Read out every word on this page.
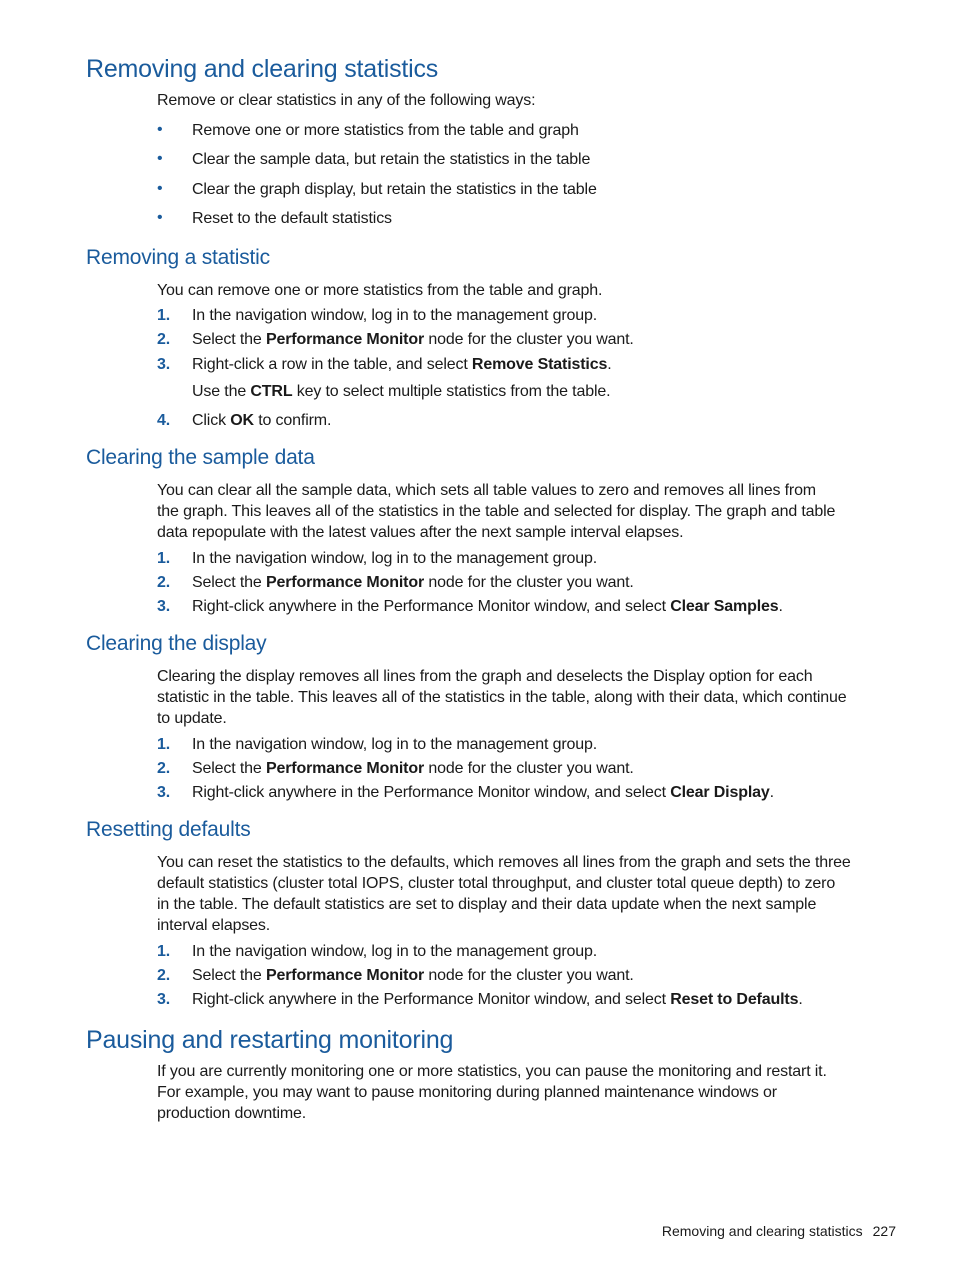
Removing and clearing statistics
Remove or clear statistics in any of the following ways:
• Remove one or more statistics from the table and graph
• Clear the sample data, but retain the statistics in the table
• Clear the graph display, but retain the statistics in the table
• Reset to the default statistics
Removing a statistic
You can remove one or more statistics from the table and graph.
1. In the navigation window, log in to the management group.
2. Select the Performance Monitor node for the cluster you want.
3. Right-click a row in the table, and select Remove Statistics.
Use the CTRL key to select multiple statistics from the table.
4. Click OK to confirm.
Clearing the sample data
You can clear all the sample data, which sets all table values to zero and removes all lines from
the graph. This leaves all of the statistics in the table and selected for display. The graph and table
data repopulate with the latest values after the next sample interval elapses.
1. In the navigation window, log in to the management group.
2. Select the Performance Monitor node for the cluster you want.
3. Right-click anywhere in the Performance Monitor window, and select Clear Samples.
Clearing the display
Clearing the display removes all lines from the graph and deselects the Display option for each
statistic in the table. This leaves all of the statistics in the table, along with their data, which continue
to update.
1. In the navigation window, log in to the management group.
2. Select the Performance Monitor node for the cluster you want.
3. Right-click anywhere in the Performance Monitor window, and select Clear Display.
Resetting defaults
You can reset the statistics to the defaults, which removes all lines from the graph and sets the three
default statistics (cluster total IOPS, cluster total throughput, and cluster total queue depth) to zero
in the table. The default statistics are set to display and their data update when the next sample
interval elapses.
1. In the navigation window, log in to the management group.
2. Select the Performance Monitor node for the cluster you want.
3. Right-click anywhere in the Performance Monitor window, and select Reset to Defaults.
Pausing and restarting monitoring
If you are currently monitoring one or more statistics, you can pause the monitoring and restart it.
For example, you may want to pause monitoring during planned maintenance windows or
production downtime.
Removing and clearing statistics 227
